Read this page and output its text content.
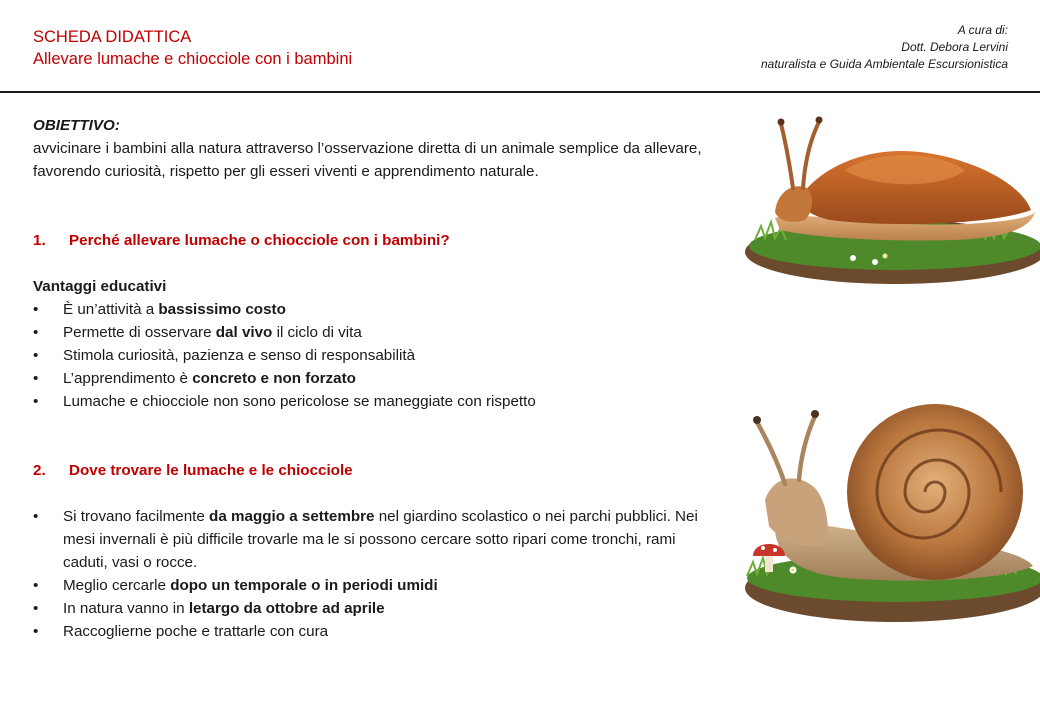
SCHEDA DIDATTICA
Allevare lumache e chiocciole con i bambini
A cura di:
Dott. Debora Lervini
naturalista e Guida Ambientale Escursionistica
OBIETTIVO:
avvicinare i bambini alla natura attraverso l’osservazione diretta di un animale semplice da allevare, favorendo curiosità, rispetto per gli esseri viventi e apprendimento naturale.
1.	Perché allevare lumache o chiocciole con i bambini?
Vantaggi educativi
• È un’attività a bassissimo costo
• Permette di osservare dal vivo il ciclo di vita
• Stimola curiosità, pazienza e senso di responsabilità
• L’apprendimento è concreto e non forzato
• Lumache e chiocciole non sono pericolose se maneggiate con rispetto
2.	Dove trovare le lumache e le chiocciole
• Si trovano facilmente da maggio a settembre nel giardino scolastico o nei parchi pubblici. Nei mesi invernali è più difficile trovarle ma le si possono cercare sotto ripari come tronchi, rami caduti, vasi o rocce.
• Meglio cercarle dopo un temporale o in periodi umidi
• In natura vanno in letargo da ottobre ad aprile
• Raccoglierne poche e trattarle con cura
